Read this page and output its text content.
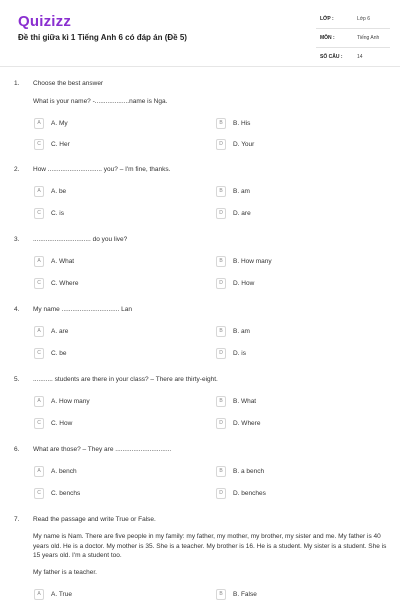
Quizizz
Đề thi giữa kì 1 Tiếng Anh 6 có đáp án (Đề 5)
LỚP :	Lớp 6
MÔN :	Tiếng Anh
SỐ CÂU :	14
1. Choose the best answer
What is your name? -...................name is Nga.
A	A. My	B	B. His
C	C. Her	D	D. Your
2. How .............................. you? – I'm fine, thanks.
A	A. be	B	B. am
C	C. is	D	D. are
3. ................................ do you live?
A	A. What	B	B. How many
C	C. Where	D	D. How
4. My name ................................ Lan
A	A. are	B	B. am
C	C. be	D	D. is
5. ........... students are there in your class? – There are thirty-eight.
A	A. How many	B	B. What
C	C. How	D	D. Where
6. What are those? – They are ...............................
A	A. bench	B	B. a bench
C	C. benchs	D	D. benches
7. Read the passage and write True or False.
My name is Nam. There are five people in my family: my father, my mother, my brother, my sister and me. My father is 40 years old. He is a doctor. My mother is 35. She is a teacher. My brother is 16. He is a student. My sister is a student. She is 15 years old. I'm a student too.
My father is a teacher.
A	A. True	B	B. False
